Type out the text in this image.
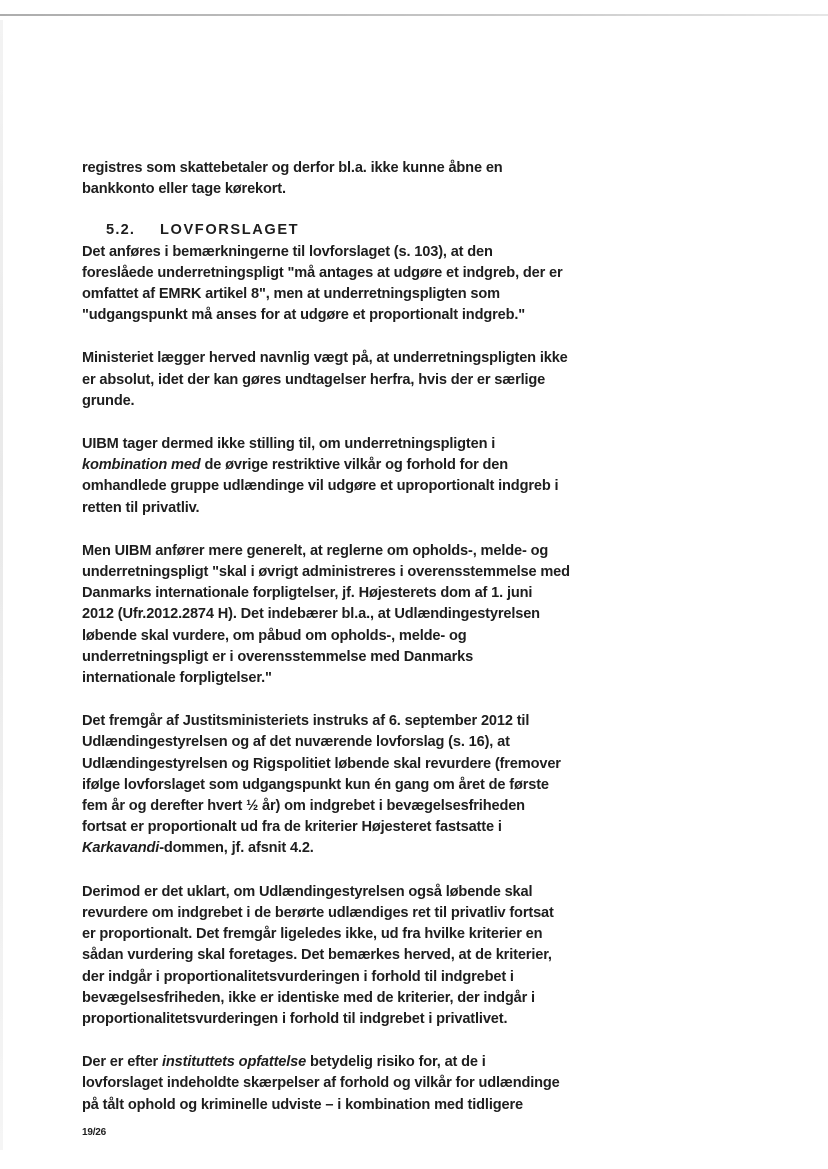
registres som skattebetaler og derfor bl.a. ikke kunne åbne en
bankkonto eller tage kørekort.

5.2. LOVFORSLAGET

Det anføres i bemærkningerne til lovforslaget (s. 103), at den
foreslåede underretningspligt "må antages at udgøre et indgreb, der er
omfattet af EMRK artikel 8", men at underretningspligten som
"udgangspunkt må anses for at udgøre et proportionalt indgreb."

Ministeriet lægger herved navnlig vægt på, at underretningspligten ikke
er absolut, idet der kan gøres undtagelser herfra, hvis der er særlige
grunde.

UIBM tager dermed ikke stilling til, om underretningspligten i
kombination med de øvrige restriktive vilkår og forhold for den
omhandlede gruppe udlændinge vil udgøre et uproportionalt indgreb i
retten til privatliv.

Men UIBM anfører mere generelt, at reglerne om opholds-, melde- og
underretningspligt "skal i øvrigt administreres i overensstemmelse med
Danmarks internationale forpligtelser, jf. Højesterets dom af 1. juni
2012 (Ufr.2012.2874 H). Det indebærer bl.a., at Udlændingestyrelsen
løbende skal vurdere, om påbud om opholds-, melde- og
underretningspligt er i overensstemmelse med Danmarks
internationale forpligtelser."

Det fremgår af Justitsministeriets instruks af 6. september 2012 til
Udlændingestyrelsen og af det nuværende lovforslag (s. 16), at
Udlændingestyrelsen og Rigspolitiet løbende skal revurdere (fremover
ifølge lovforslaget som udgangspunkt kun én gang om året de første
fem år og derefter hvert ½ år) om indgrebet i bevægelsesfriheden
fortsat er proportionalt ud fra de kriterier Højesteret fastsatte i
Karkavandi-dommen, jf. afsnit 4.2.

Derimod er det uklart, om Udlændingestyrelsen også løbende skal
revurdere om indgrebet i de berørte udlændiges ret til privatliv fortsat
er proportionalt. Det fremgår ligeledes ikke, ud fra hvilke kriterier en
sådan vurdering skal foretages. Det bemærkes herved, at de kriterier,
der indgår i proportionalitetsvurderingen i forhold til indgrebet i
bevægelsesfriheden, ikke er identiske med de kriterier, der indgår i
proportionalitetsvurderingen i forhold til indgrebet i privatlivet.

Der er efter instituttets opfattelse betydelig risiko for, at de i
lovforslaget indeholdte skærpelser af forhold og vilkår for udlændinge
på tålt ophold og kriminelle udviste – i kombination med tidligere

19/26
